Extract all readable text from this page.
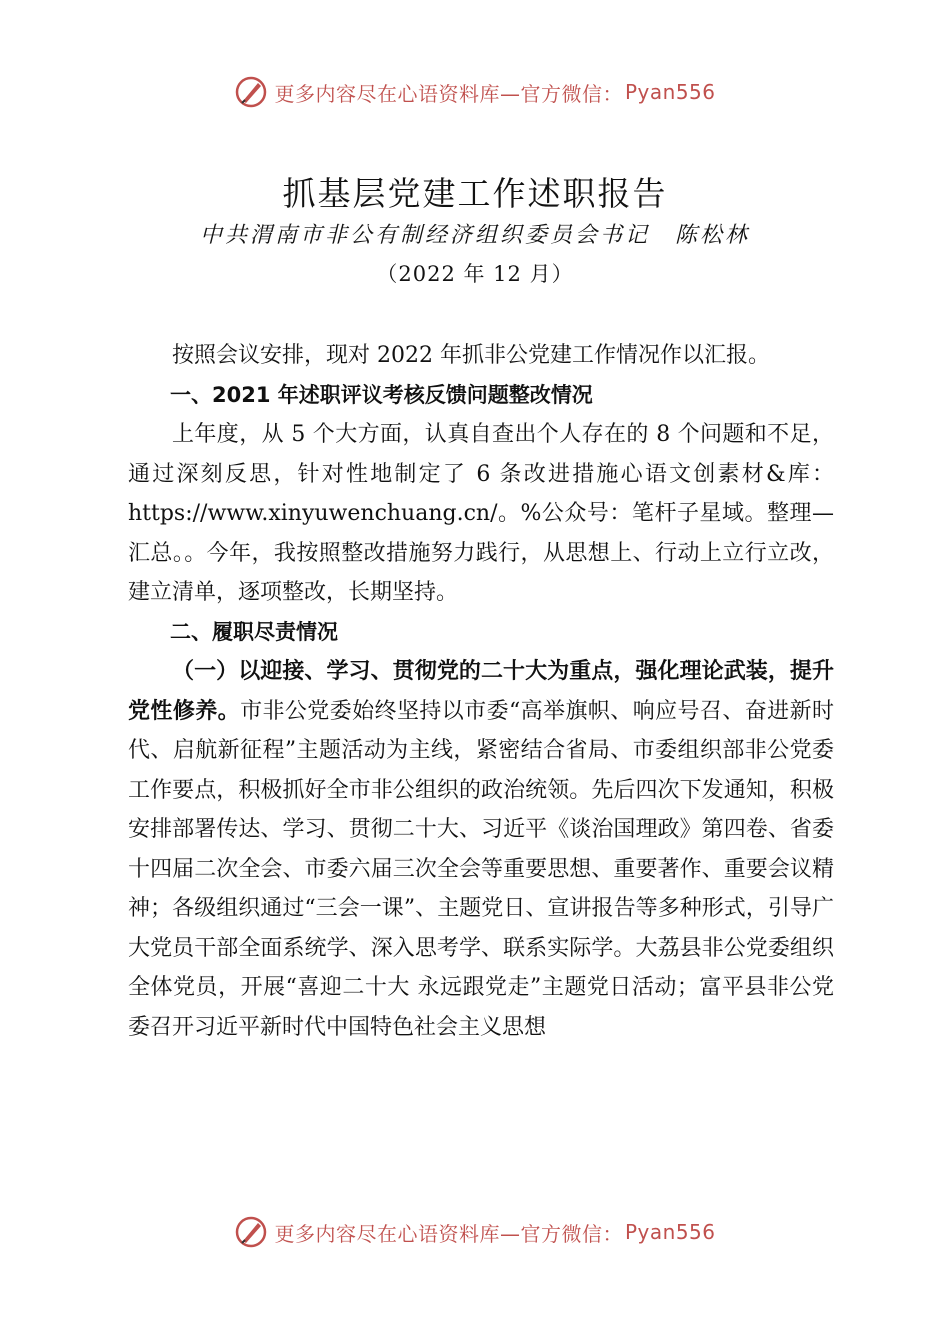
更多内容尽在心语资料库—官方微信： Pyan556
抓基层党建工作述职报告
中共渭南市非公有制经济组织委员会书记　陈松林
（2022 年 12 月）

按照会议安排，现对 2022 年抓非公党建工作情况作以汇报。

一、2021 年述职评议考核反馈问题整改情况

上年度，从 5 个大方面，认真自查出个人存在的 8 个问题和不足，通过深刻反思，针对性地制定了 6 条改进措施心语文创素材&库：https://www.xinyuwenchuang.cn/。%公众号：笔杆子星域。整理—汇总。。今年，我按照整改措施努力践行，从思想上、行动上立行立改，建立清单，逐项整改，长期坚持。

二、履职尽责情况

（一）以迎接、学习、贯彻党的二十大为重点，强化理论武装，提升党性修养。市非公党委始终坚持以市委“高举旗帜、响应号召、奋进新时代、启航新征程”主题活动为主线，紧密结合省局、市委组织部非公党委工作要点，积极抓好全市非公组织的政治统领。先后四次下发通知，积极安排部署传达、学习、贯彻二十大、习近平《谈治国理政》第四卷、省委十四届二次全会、市委六届三次全会等重要思想、重要著作、重要会议精神；各级组织通过“三会一课”、主题党日、宣讲报告等多种形式，引导广大党员干部全面系统学、深入思考学、联系实际学。大荔县非公党委组织全体党员，开展“喜迎二十大 永远跟党走”主题党日活动；富平县非公党委召开习近平新时代中国特色社会主义思想

更多内容尽在心语资料库—官方微信： Pyan556
